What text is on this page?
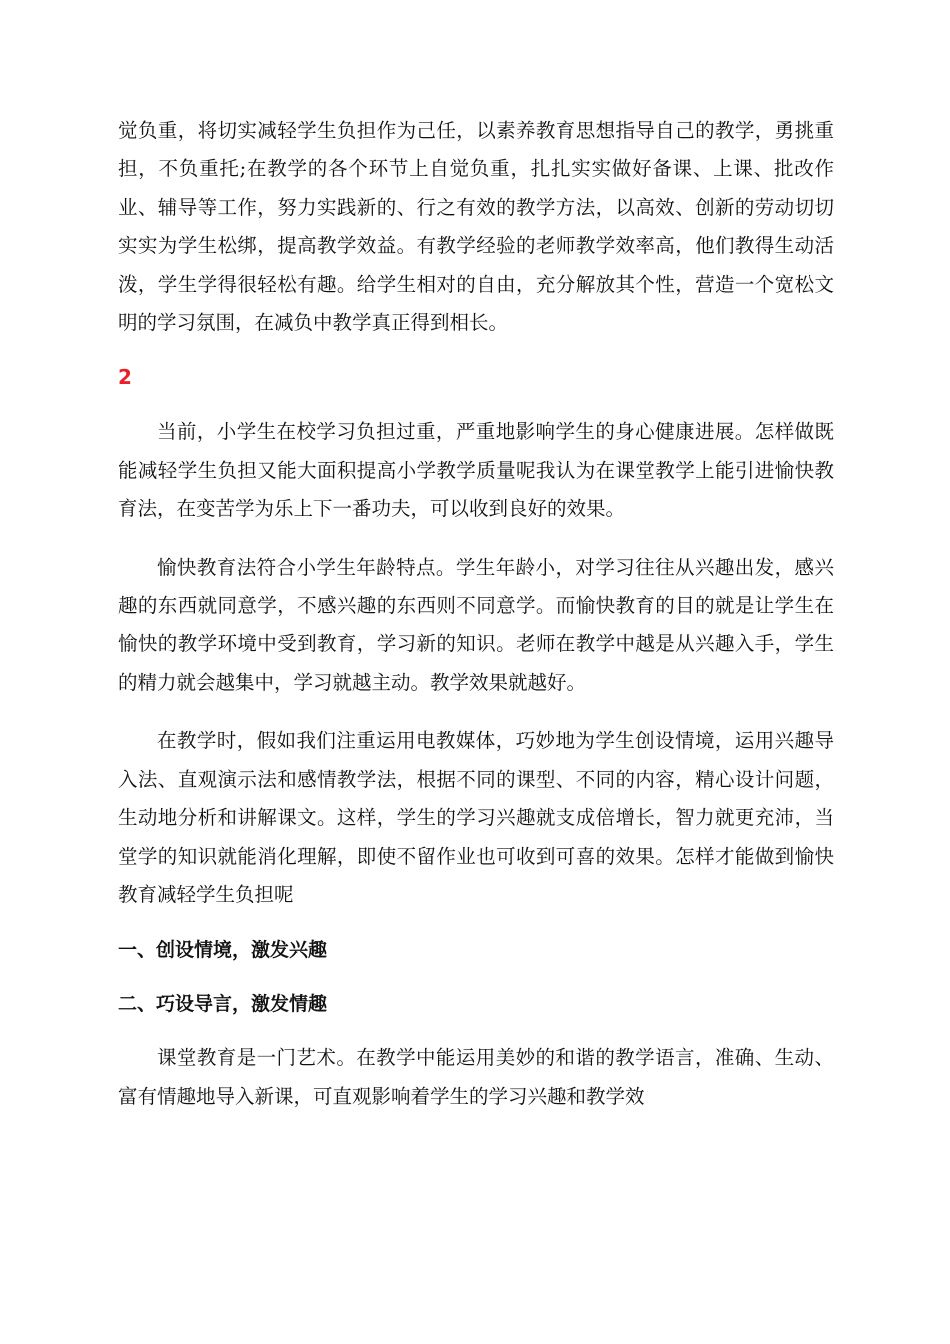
觉负重，将切实减轻学生负担作为己任，以素养教育思想指导自己的教学，勇挑重担，不负重托;在教学的各个环节上自觉负重，扎扎实实做好备课、上课、批改作业、辅导等工作，努力实践新的、行之有效的教学方法，以高效、创新的劳动切切实实为学生松绑，提高教学效益。有教学经验的老师教学效率高，他们教得生动活泼，学生学得很轻松有趣。给学生相对的自由，充分解放其个性，营造一个宽松文明的学习氛围，在减负中教学真正得到相长。

2

当前，小学生在校学习负担过重，严重地影响学生的身心健康进展。怎样做既能减轻学生负担又能大面积提高小学教学质量呢我认为在课堂教学上能引进愉快教育法，在变苦学为乐上下一番功夫，可以收到良好的效果。

愉快教育法符合小学生年龄特点。学生年龄小，对学习往往从兴趣出发，感兴趣的东西就同意学，不感兴趣的东西则不同意学。而愉快教育的目的就是让学生在愉快的教学环境中受到教育，学习新的知识。老师在教学中越是从兴趣入手，学生的精力就会越集中，学习就越主动。教学效果就越好。

在教学时，假如我们注重运用电教媒体，巧妙地为学生创设情境，运用兴趣导入法、直观演示法和感情教学法，根据不同的课型、不同的内容，精心设计问题，生动地分析和讲解课文。这样，学生的学习兴趣就支成倍增长，智力就更充沛，当堂学的知识就能消化理解，即使不留作业也可收到可喜的效果。怎样才能做到愉快教育减轻学生负担呢

一、创设情境，激发兴趣

二、巧设导言，激发情趣

课堂教育是一门艺术。在教学中能运用美妙的和谐的教学语言，准确、生动、富有情趣地导入新课，可直观影响着学生的学习兴趣和教学效
